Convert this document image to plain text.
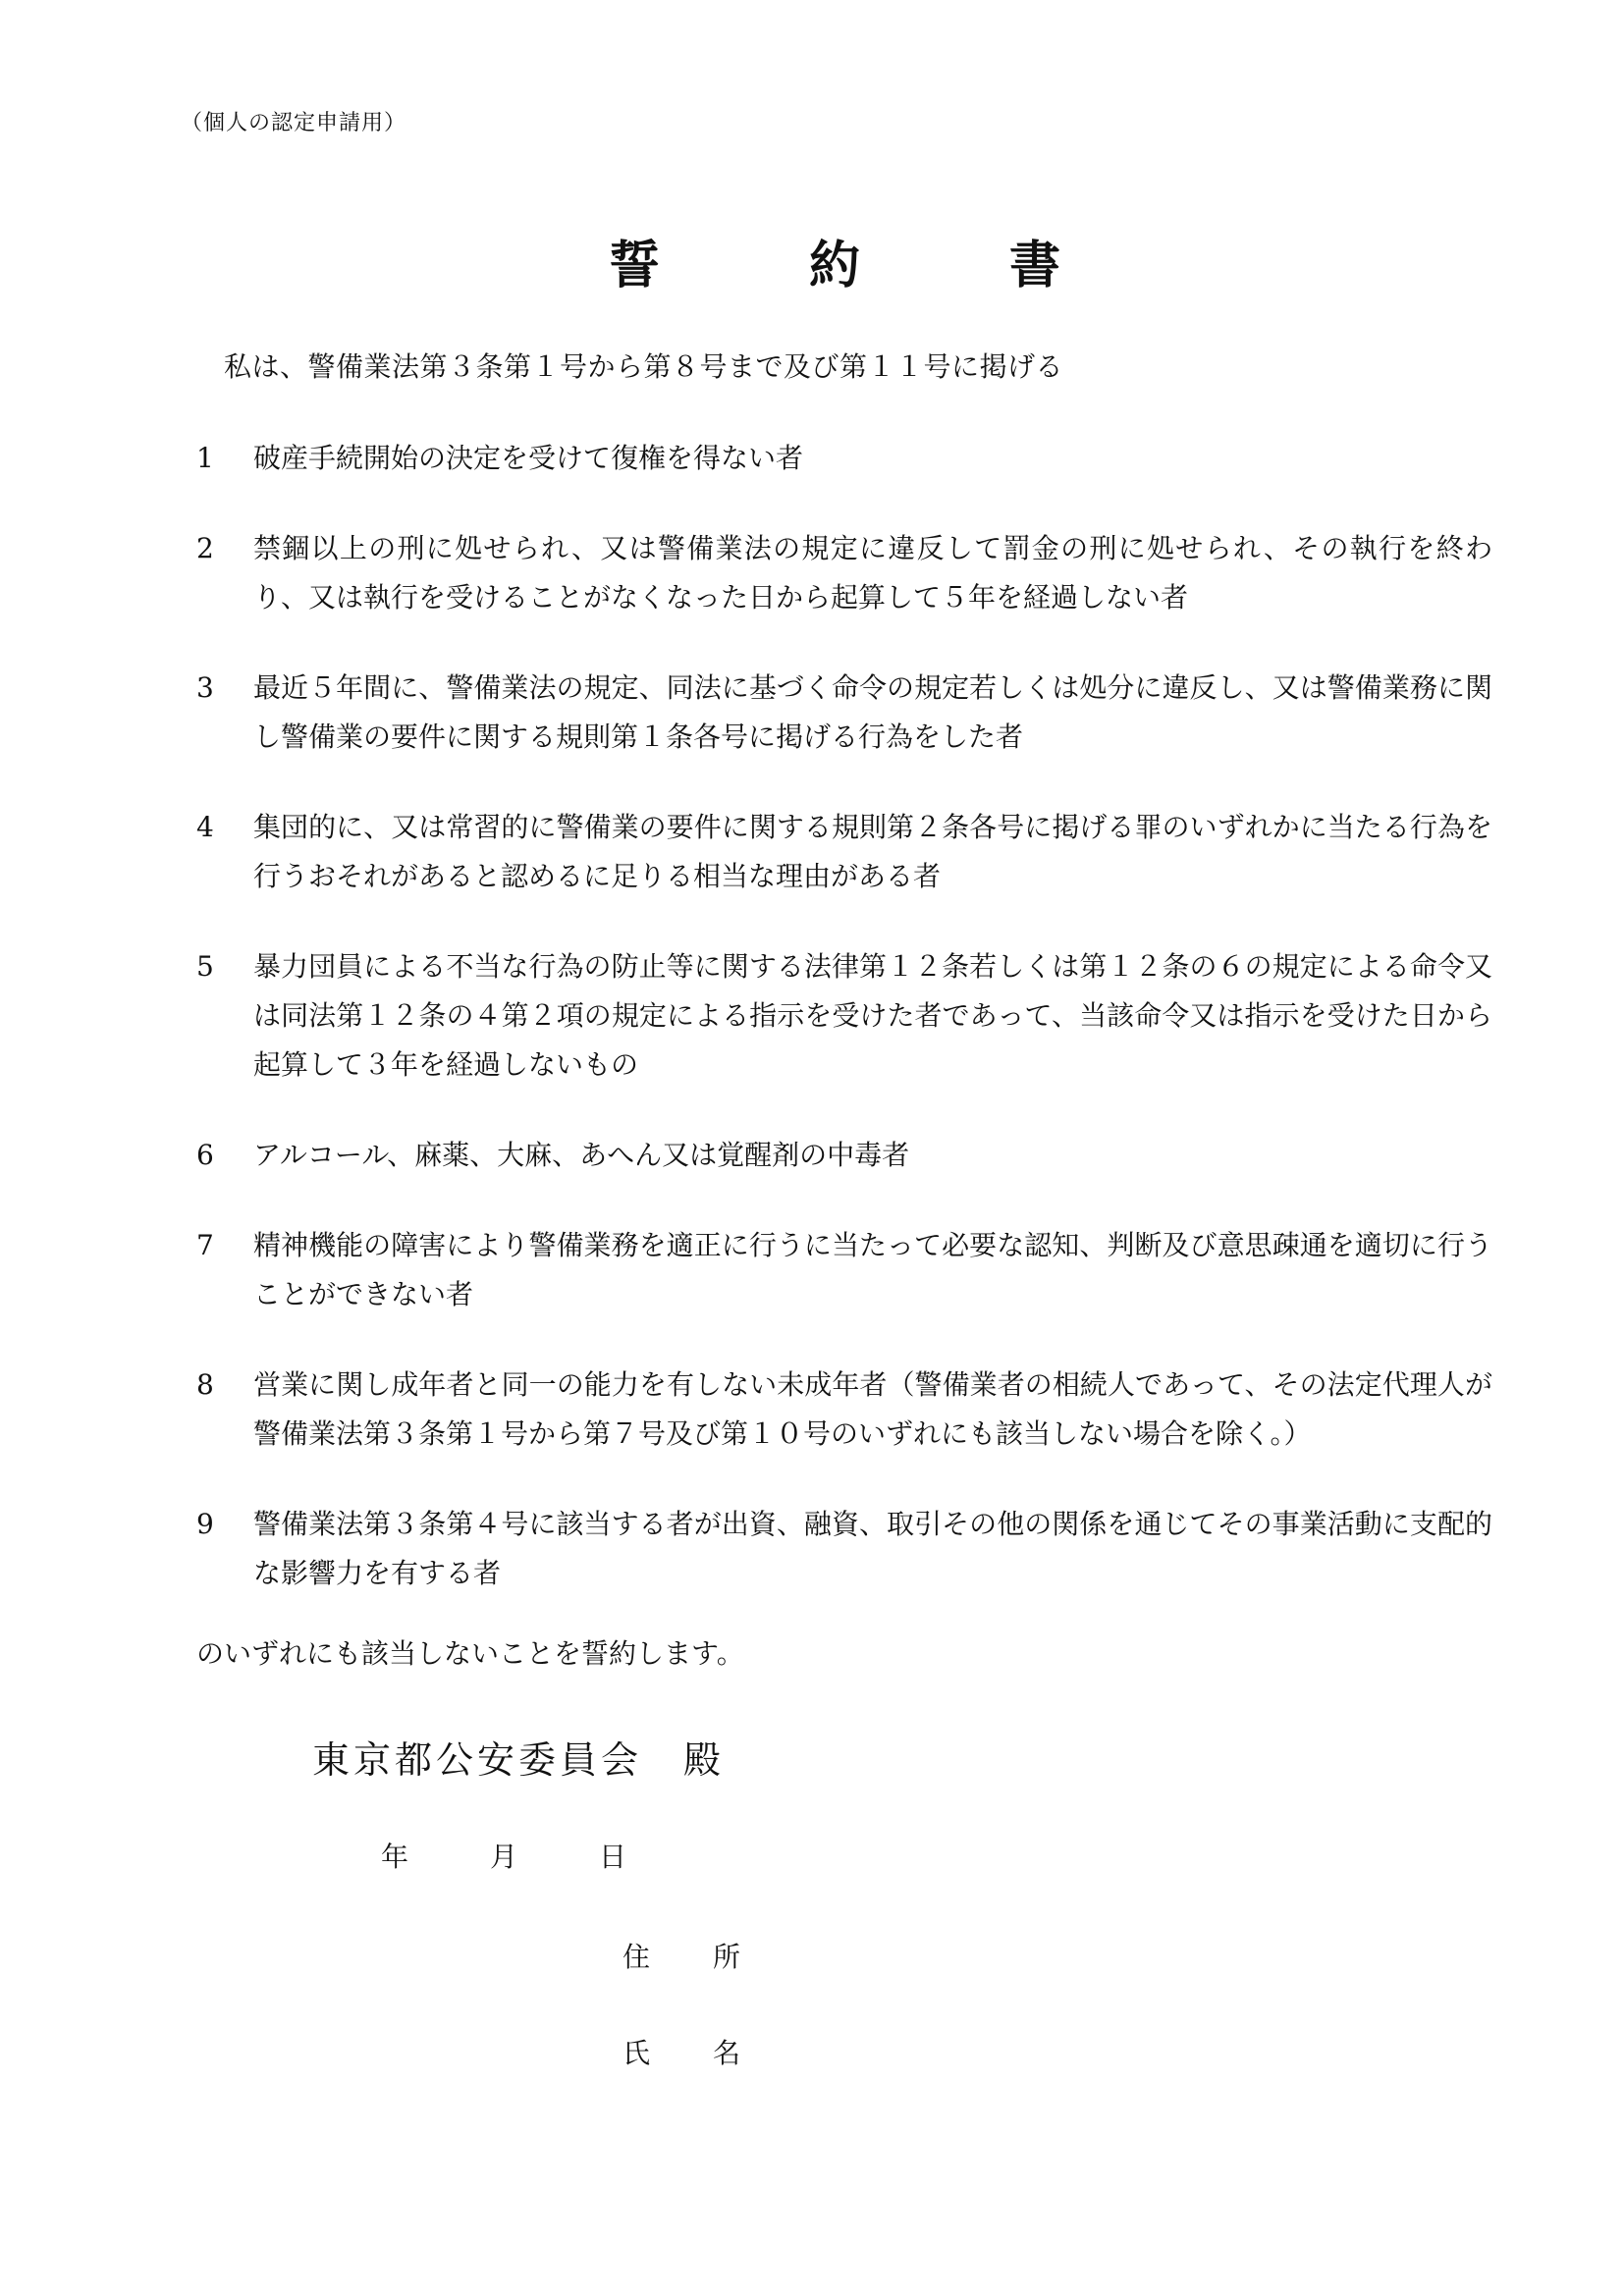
（個人の認定申請用）
誓	約	書
私は、警備業法第３条第１号から第８号まで及び第１１号に掲げる
1	破産手続開始の決定を受けて復権を得ない者
2	禁錮以上の刑に処せられ、又は警備業法の規定に違反して罰金の刑に処せられ、その執行を終わり、又は執行を受けることがなくなった日から起算して５年を経過しない者
3	最近５年間に、警備業法の規定、同法に基づく命令の規定若しくは処分に違反し、又は警備業務に関し警備業の要件に関する規則第１条各号に掲げる行為をした者
4	集団的に、又は常習的に警備業の要件に関する規則第２条各号に掲げる罪のいずれかに当たる行為を行うおそれがあると認めるに足りる相当な理由がある者
5	暴力団員による不当な行為の防止等に関する法律第１２条若しくは第１２条の６の規定による命令又は同法第１２条の４第２項の規定による指示を受けた者であって、当該命令又は指示を受けた日から起算して３年を経過しないもの
6	アルコール、麻薬、大麻、あへん又は覚醒剤の中毒者
7	精神機能の障害により警備業務を適正に行うに当たって必要な認知、判断及び意思疎通を適切に行うことができない者
8	営業に関し成年者と同一の能力を有しない未成年者（警備業者の相続人であって、その法定代理人が警備業法第３条第１号から第７号及び第１０号のいずれにも該当しない場合を除く。）
9	警備業法第３条第４号に該当する者が出資、融資、取引その他の関係を通じてその事業活動に支配的な影響力を有する者
のいずれにも該当しないことを誓約します。
東京都公安委員会　殿
年	月	日
住 所
氏 名
